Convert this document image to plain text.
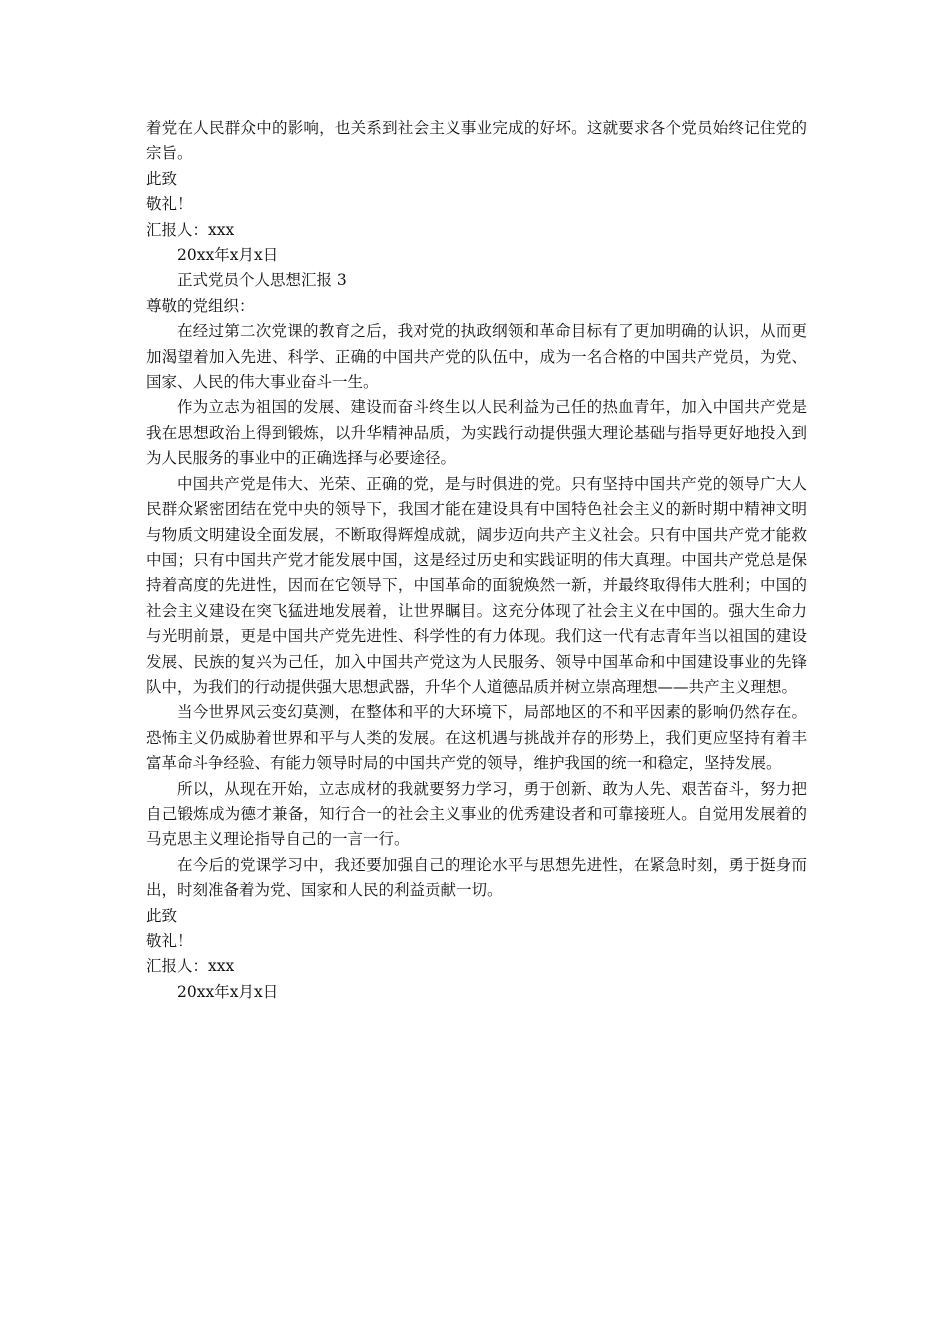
着党在人民群众中的影响，也关系到社会主义事业完成的好坏。这就要求各个党员始终记住党的宗旨。

此致

敬礼！

汇报人：xxx

20xx年x月x日

正式党员个人思想汇报 3

尊敬的党组织：

在经过第二次党课的教育之后，我对党的执政纲领和革命目标有了更加明确的认识，从而更加渴望着加入先进、科学、正确的中国共产党的队伍中，成为一名合格的中国共产党员，为党、国家、人民的伟大事业奋斗一生。

作为立志为祖国的发展、建设而奋斗终生以人民利益为己任的热血青年，加入中国共产党是我在思想政治上得到锻炼，以升华精神品质，为实践行动提供强大理论基础与指导更好地投入到为人民服务的事业中的正确选择与必要途径。

中国共产党是伟大、光荣、正确的党，是与时俱进的党。只有坚持中国共产党的领导广大人民群众紧密团结在党中央的领导下，我国才能在建设具有中国特色社会主义的新时期中精神文明与物质文明建设全面发展，不断取得辉煌成就，阔步迈向共产主义社会。只有中国共产党才能救中国；只有中国共产党才能发展中国，这是经过历史和实践证明的伟大真理。中国共产党总是保持着高度的先进性，因而在它领导下，中国革命的面貌焕然一新，并最终取得伟大胜利；中国的社会主义建设在突飞猛进地发展着，让世界瞩目。这充分体现了社会主义在中国的。强大生命力与光明前景，更是中国共产党先进性、科学性的有力体现。我们这一代有志青年当以祖国的建设发展、民族的复兴为己任，加入中国共产党这为人民服务、领导中国革命和中国建设事业的先锋队中，为我们的行动提供强大思想武器，升华个人道德品质并树立崇高理想——共产主义理想。

当今世界风云变幻莫测，在整体和平的大环境下，局部地区的不和平因素的影响仍然存在。恐怖主义仍威胁着世界和平与人类的发展。在这机遇与挑战并存的形势上，我们更应坚持有着丰富革命斗争经验、有能力领导时局的中国共产党的领导，维护我国的统一和稳定，坚持发展。

所以，从现在开始，立志成材的我就要努力学习，勇于创新、敢为人先、艰苦奋斗，努力把自己锻炼成为德才兼备，知行合一的社会主义事业的优秀建设者和可靠接班人。自觉用发展着的马克思主义理论指导自己的一言一行。

在今后的党课学习中，我还要加强自己的理论水平与思想先进性，在紧急时刻，勇于挺身而出，时刻准备着为党、国家和人民的利益贡献一切。

此致

敬礼！

汇报人：xxx

20xx年x月x日
